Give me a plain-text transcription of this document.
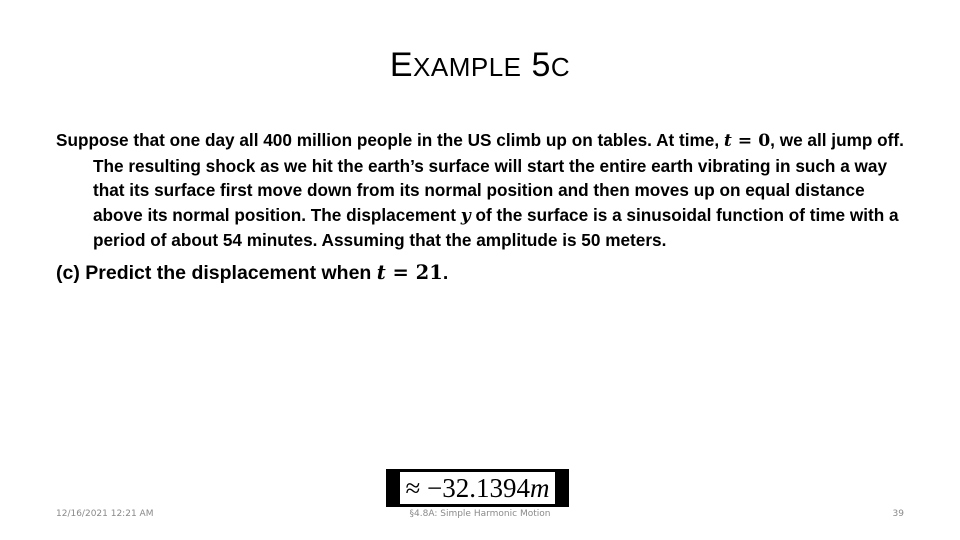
EXAMPLE 5C

Suppose that one day all 400 million people in the US climb up on tables. At time, t = 0, we all jump off. The resulting shock as we hit the earth’s surface will start the entire earth vibrating in such a way that its surface first move down from its normal position and then moves up on equal distance above its normal position. The displacement y of the surface is a sinusoidal function of time with a period of about 54 minutes. Assuming that the amplitude is 50 meters.

(c) Predict the displacement when t = 21.

≈ −32.1394m
12/16/2021 12:21 AM	§4.8A: Simple Harmonic Motion	39
